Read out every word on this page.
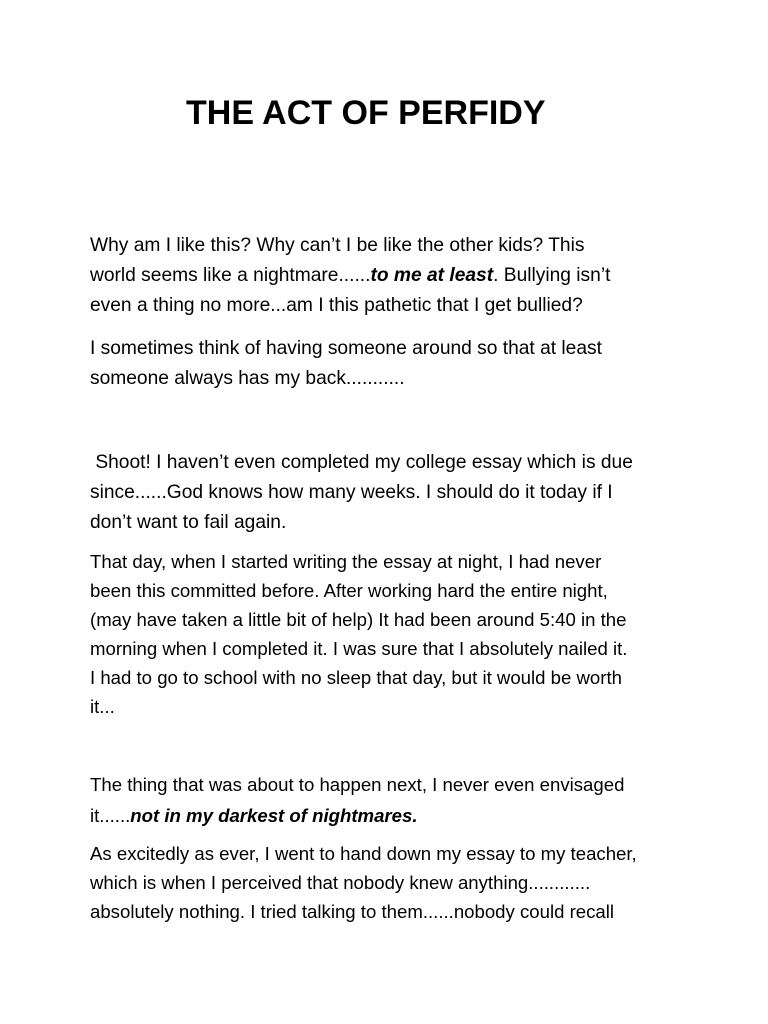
THE ACT OF PERFIDY

Why am I like this? Why can’t I be like the other kids? This
world seems like a nightmare......to me at least. Bullying isn’t
even a thing no more...am I this pathetic that I get bullied?

I sometimes think of having someone around so that at least
someone always has my back...........

Shoot! I haven’t even completed my college essay which is due
since......God knows how many weeks. I should do it today if I
don’t want to fail again.

That day, when I started writing the essay at night, I had never
been this committed before. After working hard the entire night,
(may have taken a little bit of help) It had been around 5:40 in the
morning when I completed it. I was sure that I absolutely nailed it.
I had to go to school with no sleep that day, but it would be worth
it...

The thing that was about to happen next, I never even envisaged
it......not in my darkest of nightmares.

As excitedly as ever, I went to hand down my essay to my teacher,
which is when I perceived that nobody knew anything............
absolutely nothing. I tried talking to them......nobody could recall
